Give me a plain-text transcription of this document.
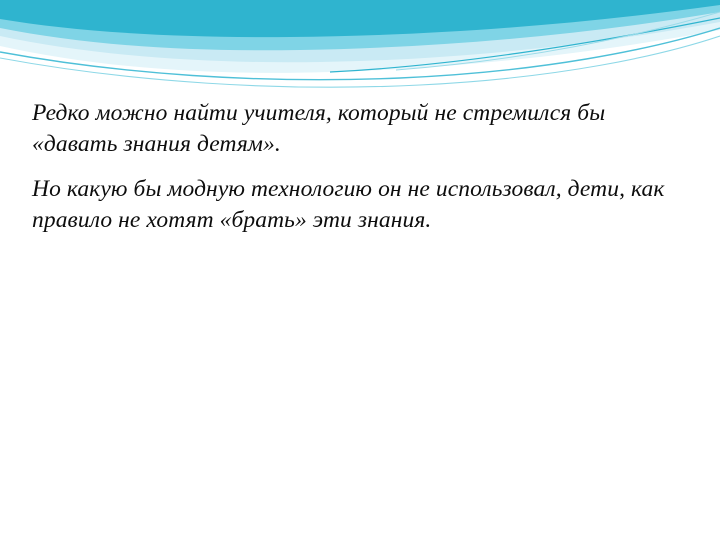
Редко можно найти учителя, который не стремился бы «давать знания детям».

Но какую бы модную технологию он не использовал, дети, как правило не хотят «брать» эти знания.
